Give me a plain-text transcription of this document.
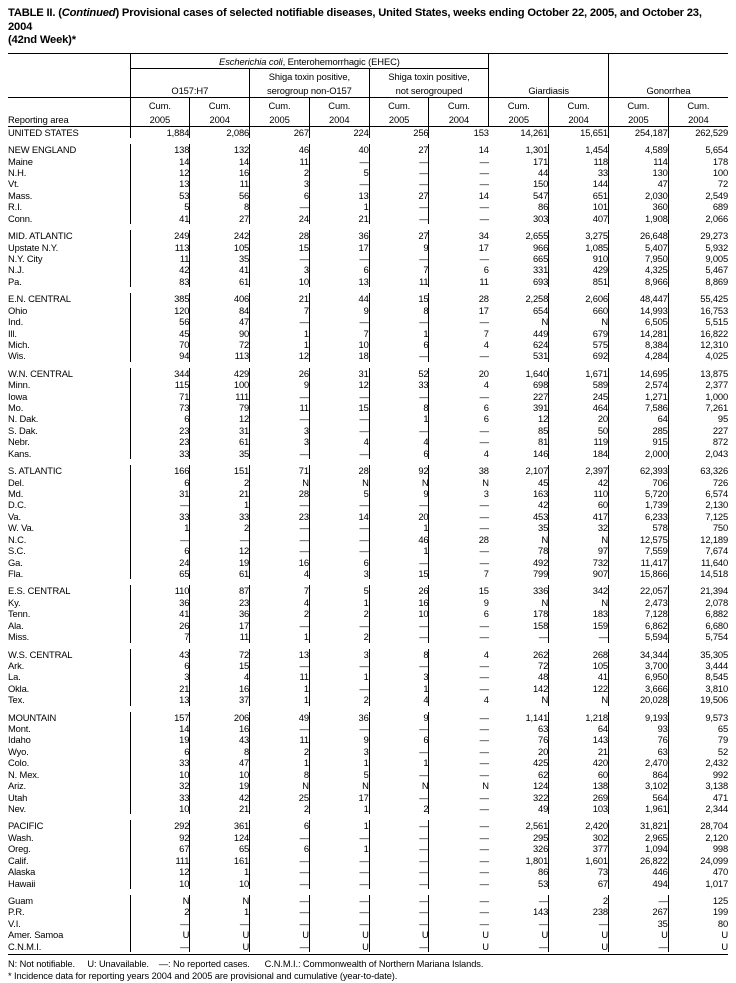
TABLE II. (Continued) Provisional cases of selected notifiable diseases, United States, weeks ending October 22, 2005, and October 23, 2004
(42nd Week)*
	Escherichia coli, Enterohemorrhagic (EHEC)									
			Shiga toxin positive,		Shiga toxin positive,					
	O157:H7		serogroup non-O157		not serogrouped		Giardiasis		Gonorrhea	
	Cum.	Cum.	Cum.	Cum.	Cum.	Cum.	Cum.	Cum.	Cum.	Cum.
Reporting area	2005	2004	2005	2004	2005	2004	2005	2004	2005	2004
UNITED STATES	1,884	2,086	267	224	256	153	14,261	15,651	254,187	262,529

NEW ENGLAND	138	132	46	40	27	14	1,301	1,454	4,589	5,654
Maine	14	14	11	—	—	—	171	118	114	178
N.H.	12	16	2	5	—	—	44	33	130	100
Vt.	13	11	3	—	—	—	150	144	47	72
Mass.	53	56	6	13	27	14	547	651	2,030	2,549
R.I.	5	8	—	1	—	—	86	101	360	689
Conn.	41	27	24	21	—	—	303	407	1,908	2,066

MID. ATLANTIC	249	242	28	36	27	34	2,655	3,275	26,648	29,273
Upstate N.Y.	113	105	15	17	9	17	966	1,085	5,407	5,932
N.Y. City	11	35	—	—	—	—	665	910	7,950	9,005
N.J.	42	41	3	6	7	6	331	429	4,325	5,467
Pa.	83	61	10	13	11	11	693	851	8,966	8,869

E.N. CENTRAL	385	406	21	44	15	28	2,258	2,606	48,447	55,425
Ohio	120	84	7	9	8	17	654	660	14,993	16,753
Ind.	56	47	—	—	—	—	N	N	6,505	5,515
Ill.	45	90	1	7	1	7	449	679	14,281	16,822
Mich.	70	72	1	10	6	4	624	575	8,384	12,310
Wis.	94	113	12	18	—	—	531	692	4,284	4,025

W.N. CENTRAL	344	429	26	31	52	20	1,640	1,671	14,695	13,875
Minn.	115	100	9	12	33	4	698	589	2,574	2,377
Iowa	71	111	—	—	—	—	227	245	1,271	1,000
Mo.	73	79	11	15	8	6	391	464	7,586	7,261
N. Dak.	6	12	—	—	1	6	12	20	64	95
S. Dak.	23	31	3	—	—	—	85	50	285	227
Nebr.	23	61	3	4	4	—	81	119	915	872
Kans.	33	35	—	—	6	4	146	184	2,000	2,043

S. ATLANTIC	166	151	71	28	92	38	2,107	2,397	62,393	63,326
Del.	6	2	N	N	N	N	45	42	706	726
Md.	31	21	28	5	9	3	163	110	5,720	6,574
D.C.	—	1	—	—	—	—	42	60	1,739	2,130
Va.	33	33	23	14	20	—	453	417	6,233	7,125
W. Va.	1	2	—	—	1	—	35	32	578	750
N.C.	—	—	—	—	46	28	N	N	12,575	12,189
S.C.	6	12	—	—	1	—	78	97	7,559	7,674
Ga.	24	19	16	6	—	—	492	732	11,417	11,640
Fla.	65	61	4	3	15	7	799	907	15,866	14,518

E.S. CENTRAL	110	87	7	5	26	15	336	342	22,057	21,394
Ky.	36	23	4	1	16	9	N	N	2,473	2,078
Tenn.	41	36	2	2	10	6	178	183	7,128	6,882
Ala.	26	17	—	—	—	—	158	159	6,862	6,680
Miss.	7	11	1	2	—	—	—	—	5,594	5,754

W.S. CENTRAL	43	72	13	3	8	4	262	268	34,344	35,305
Ark.	6	15	—	—	—	—	72	105	3,700	3,444
La.	3	4	11	1	3	—	48	41	6,950	8,545
Okla.	21	16	1	—	1	—	142	122	3,666	3,810
Tex.	13	37	1	2	4	4	N	N	20,028	19,506

MOUNTAIN	157	206	49	36	9	—	1,141	1,218	9,193	9,573
Mont.	14	16	—	—	—	—	63	64	93	65
Idaho	19	43	11	9	6	—	76	143	76	79
Wyo.	6	8	2	3	—	—	20	21	63	52
Colo.	33	47	1	1	1	—	425	420	2,470	2,432
N. Mex.	10	10	8	5	—	—	62	60	864	992
Ariz.	32	19	N	N	N	N	124	138	3,102	3,138
Utah	33	42	25	17	—	—	322	269	564	471
Nev.	10	21	2	1	2	—	49	103	1,961	2,344

PACIFIC	292	361	6	1	—	—	2,561	2,420	31,821	28,704
Wash.	92	124	—	—	—	—	295	302	2,965	2,120
Oreg.	67	65	6	1	—	—	326	377	1,094	998
Calif.	111	161	—	—	—	—	1,801	1,601	26,822	24,099
Alaska	12	1	—	—	—	—	86	73	446	470
Hawaii	10	10	—	—	—	—	53	67	494	1,017

Guam	N	N	—	—	—	—	—	2	—	125
P.R.	2	1	—	—	—	—	143	238	267	199
V.I.	—	—	—	—	—	—	—	—	35	80
Amer. Samoa	U	U	U	U	U	U	U	U	U	U
C.N.M.I.	—	U	—	U	—	U	—	U	—	U
N: Not notifiable. U: Unavailable. —: No reported cases. C.N.M.I.: Commonwealth of Northern Mariana Islands.
* Incidence data for reporting years 2004 and 2005 are provisional and cumulative (year-to-date).
